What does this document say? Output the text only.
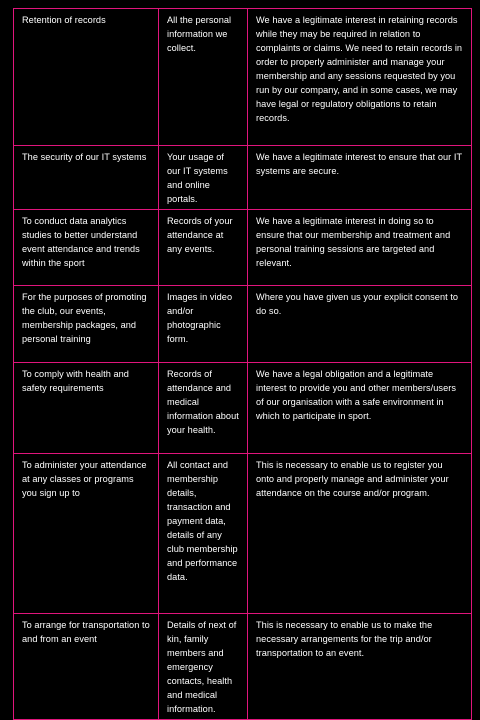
Retention of records	All the personal information we collect.	We have a legitimate interest in retaining records while they may be required in relation to complaints or claims. We need to retain records in order to properly administer and manage your membership and any sessions requested by you run by our company, and in some cases, we may have legal or regulatory obligations to retain records.
The security of our IT systems	Your usage of our IT systems and online portals.	We have a legitimate interest to ensure that our IT systems are secure.
To conduct data analytics studies to better understand event attendance and trends within the sport	Records of your attendance at any events.	We have a legitimate interest in doing so to ensure that our membership and treatment and personal training sessions are targeted and relevant.
For the purposes of promoting the club, our events, membership packages, and personal training	Images in video and/or photographic form.	Where you have given us your explicit consent to do so.
To comply with health and safety requirements	Records of attendance and medical information about your health.	We have a legal obligation and a legitimate interest to provide you and other members/users of our organisation with a safe environment in which to participate in sport.
To administer your attendance at any classes or programs you sign up to	All contact and membership details, transaction and payment data, details of any club membership and performance data.	This is necessary to enable us to register you onto and properly manage and administer your attendance on the course and/or program.
To arrange for transportation to and from an event	Details of next of kin, family members and emergency contacts, health and medical information.	This is necessary to enable us to make the necessary arrangements for the trip and/or transportation to an event.
